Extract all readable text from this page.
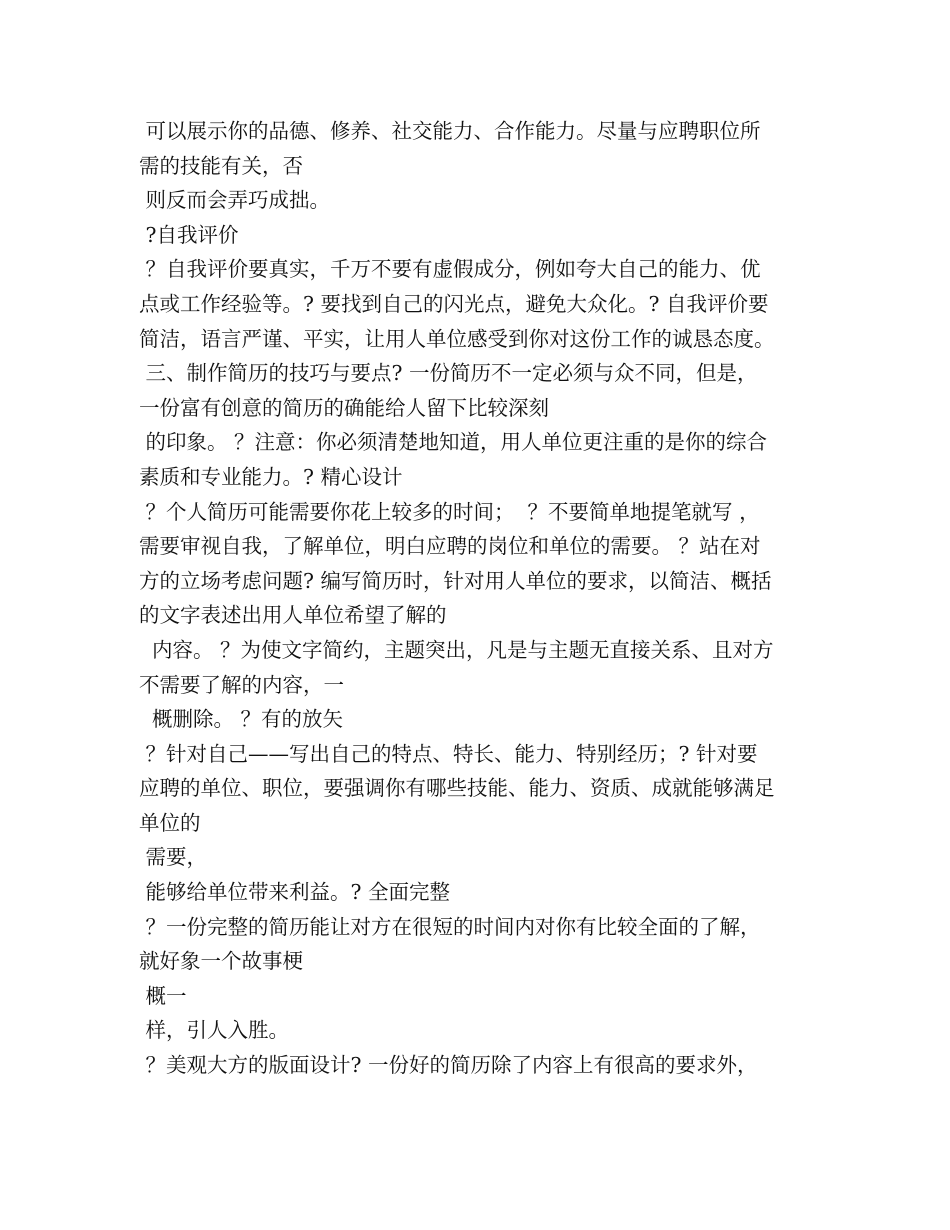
可以展示你的品德、修养、社交能力、合作能力。尽量与应聘职位所
需的技能有关，否
则反而会弄巧成拙。
?自我评价
？自我评价要真实，千万不要有虚假成分，例如夸大自己的能力、优
点或工作经验等。? 要找到自己的闪光点，避免大众化。? 自我评价要
简洁，语言严谨、平实，让用人单位感受到你对这份工作的诚恳态度。
三、制作简历的技巧与要点? 一份简历不一定必须与众不同，但是，
一份富有创意的简历的确能给人留下比较深刻
的印象。 ？注意：你必须清楚地知道，用人单位更注重的是你的综合
素质和专业能力。? 精心设计
？个人简历可能需要你花上较多的时间；  ？不要简单地提笔就写 ，
需要审视自我，了解单位，明白应聘的岗位和单位的需要。 ？站在对
方的立场考虑问题? 编写简历时，针对用人单位的要求，以简洁、概括
的文字表述出用人单位希望了解的
内容。 ？为使文字简约，主题突出，凡是与主题无直接关系、且对方
不需要了解的内容，一
概删除。 ？有的放矢
？针对自己——写出自己的特点、特长、能力、特别经历；? 针对要
应聘的单位、职位，要强调你有哪些技能、能力、资质、成就能够满足
单位的
需要，
能够给单位带来利益。? 全面完整
？一份完整的简历能让对方在很短的时间内对你有比较全面的了解，
就好象一个故事梗
概一
样，引人入胜。
？美观大方的版面设计? 一份好的简历除了内容上有很高的要求外，
